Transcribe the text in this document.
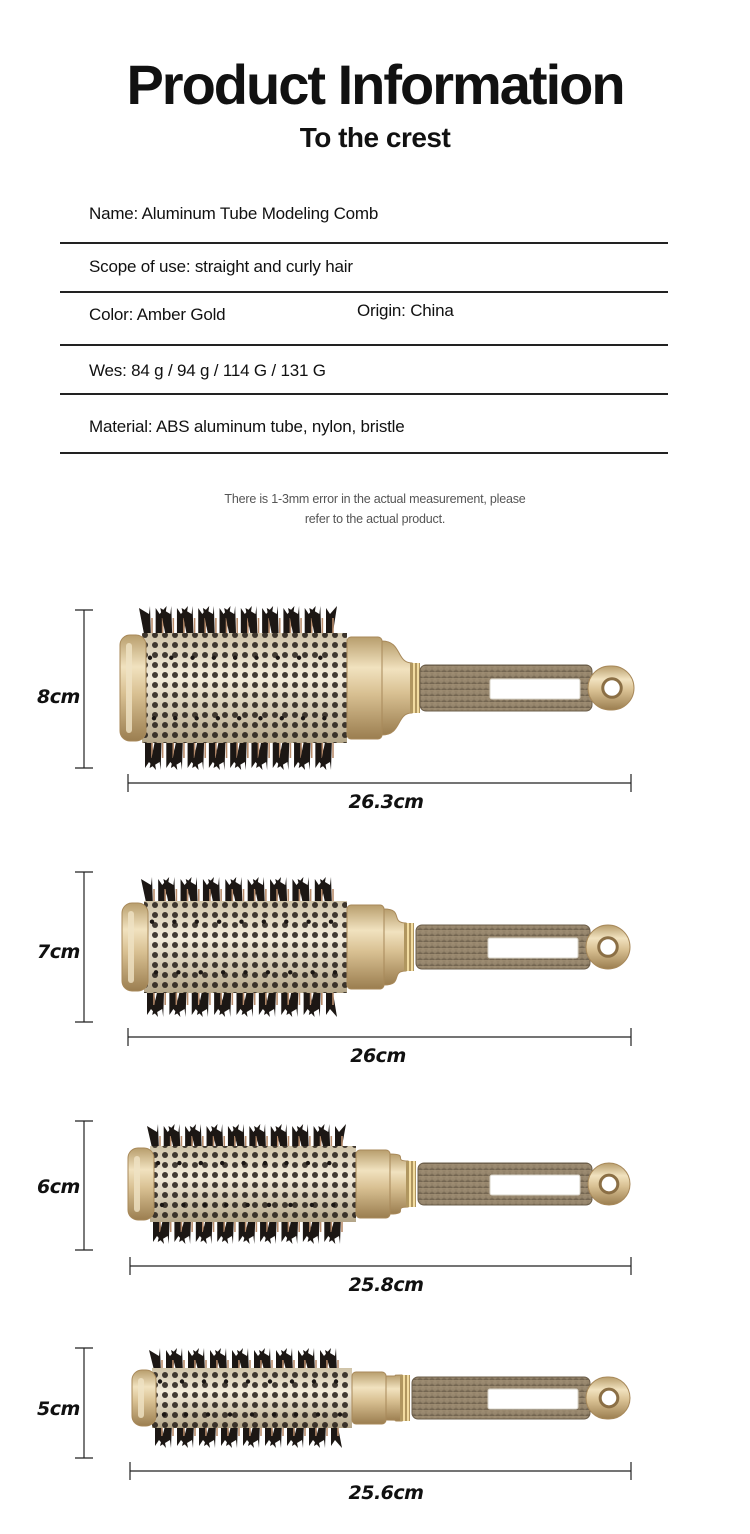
Product Information
To the crest
Name: Aluminum Tube Modeling Comb
Scope of use: straight and curly hair
Color: Amber Gold	Origin: China
Wes: 84 g / 94 g / 114 G / 131 G
Material: ABS aluminum tube, nylon, bristle
There is 1-3mm error in the actual measurement, please
refer to the actual product.
8cm
26.3cm
7cm
26cm
6cm
25.8cm
5cm
25.6cm
